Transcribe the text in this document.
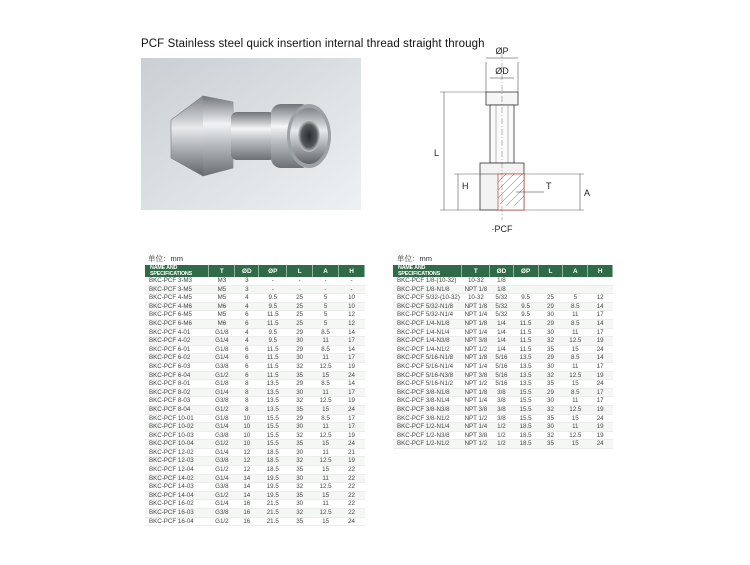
PCF Stainless steel quick insertion internal thread straight through
ØP
ØD
L
H	T
A
·PCF
单位：mm
NAME AND SPECIFICATIONS	T	ØD	ØP	L	A	H
BKC-PCF 3-M3	M3	3	-	-	-	-
BKC-PCF 3-M5	M5	3	-	-	-	-
BKC-PCF 4-M5	M5	4	9.5	25	5	10
BKC-PCF 4-M6	M6	4	9.5	25	5	10
BKC-PCF 6-M5	M5	6	11.5	25	5	12
BKC-PCF 6-M6	M6	6	11.5	25	5	12
BKC-PCF 4-01	G1/8	4	9.5	29	8.5	14
BKC-PCF 4-02	G1/4	4	9.5	30	11	17
BKC-PCF 6-01	G1/8	6	11.5	29	8.5	14
BKC-PCF 6-02	G1/4	6	11.5	30	11	17
BKC-PCF 6-03	G3/8	6	11.5	32	12.5	19
BKC-PCF 6-04	G1/2	6	11.5	35	15	24
BKC-PCF 8-01	G1/8	8	13.5	29	8.5	14
BKC-PCF 8-02	G1/4	8	13.5	30	11	17
BKC-PCF 8-03	G3/8	8	13.5	32	12.5	19
BKC-PCF 8-04	G1/2	8	13.5	35	15	24
BKC-PCF 10-01	G1/8	10	15.5	29	8.5	17
BKC-PCF 10-02	G1/4	10	15.5	30	11	17
BKC-PCF 10-03	G3/8	10	15.5	32	12.5	19
BKC-PCF 10-04	G1/2	10	15.5	35	15	24
BKC-PCF 12-02	G1/4	12	18.5	30	11	21
BKC-PCF 12-03	G3/8	12	18.5	32	12.5	19
BKC-PCF 12-04	G1/2	12	18.5	35	15	22
BKC-PCF 14-02	G1/4	14	19.5	30	11	22
BKC-PCF 14-03	G3/8	14	19.5	32	12.5	22
BKC-PCF 14-04	G1/2	14	19.5	35	15	22
BKC-PCF 16-02	G1/4	16	21.5	30	11	22
BKC-PCF 16-03	G3/8	16	21.5	32	12.5	22
BKC-PCF 16-04	G1/2	16	21.5	35	15	24
单位：mm
NAME AND SPECIFICATIONS	T	ØD	ØP	L	A	H
BKC-PCF 1/8-(10-32)	10-32	1/8				
BKC-PCF 1/8-N1/8	NPT 1/8	1/8				
BKC-PCF 5/32-(10-32)	10-32	5/32	9.5	25	5	12
BKC-PCF 5/32-N1/8	NPT 1/8	5/32	9.5	29	8.5	14
BKC-PCF 5/32-N1/4	NPT 1/4	5/32	9.5	30	11	17
BKC-PCF 1/4-N1/8	NPT 1/8	1/4	11.5	29	8.5	14
BKC-PCF 1/4-N1/4	NPT 1/4	1/4	11.5	30	11	17
BKC-PCF 1/4-N3/8	NPT 3/8	1/4	11.5	32	12.5	19
BKC-PCF 1/4-N1/2	NPT 1/2	1/4	11.5	35	15	24
BKC-PCF 5/16-N1/8	NPT 1/8	5/16	13.5	29	8.5	14
BKC-PCF 5/16-N1/4	NPT 1/4	5/16	13.5	30	11	17
BKC-PCF 5/16-N3/8	NPT 3/8	5/16	13.5	32	12.5	19
BKC-PCF 5/16-N1/2	NPT 1/2	5/16	13.5	35	15	24
BKC-PCF 3/8-N1/8	NPT 1/8	3/8	15.5	29	8.5	17
BKC-PCF 3/8-N1/4	NPT 1/4	3/8	15.5	30	11	17
BKC-PCF 3/8-N3/8	NPT 3/8	3/8	15.5	32	12.5	19
BKC-PCF 3/8-N1/2	NPT 1/2	3/8	15.5	35	15	24
BKC-PCF 1/2-N1/4	NPT 1/4	1/2	18.5	30	11	19
BKC-PCF 1/2-N3/8	NPT 3/8	1/2	18.5	32	12.5	19
BKC-PCF 1/2-N1/2	NPT 1/2	1/2	18.5	35	15	24
